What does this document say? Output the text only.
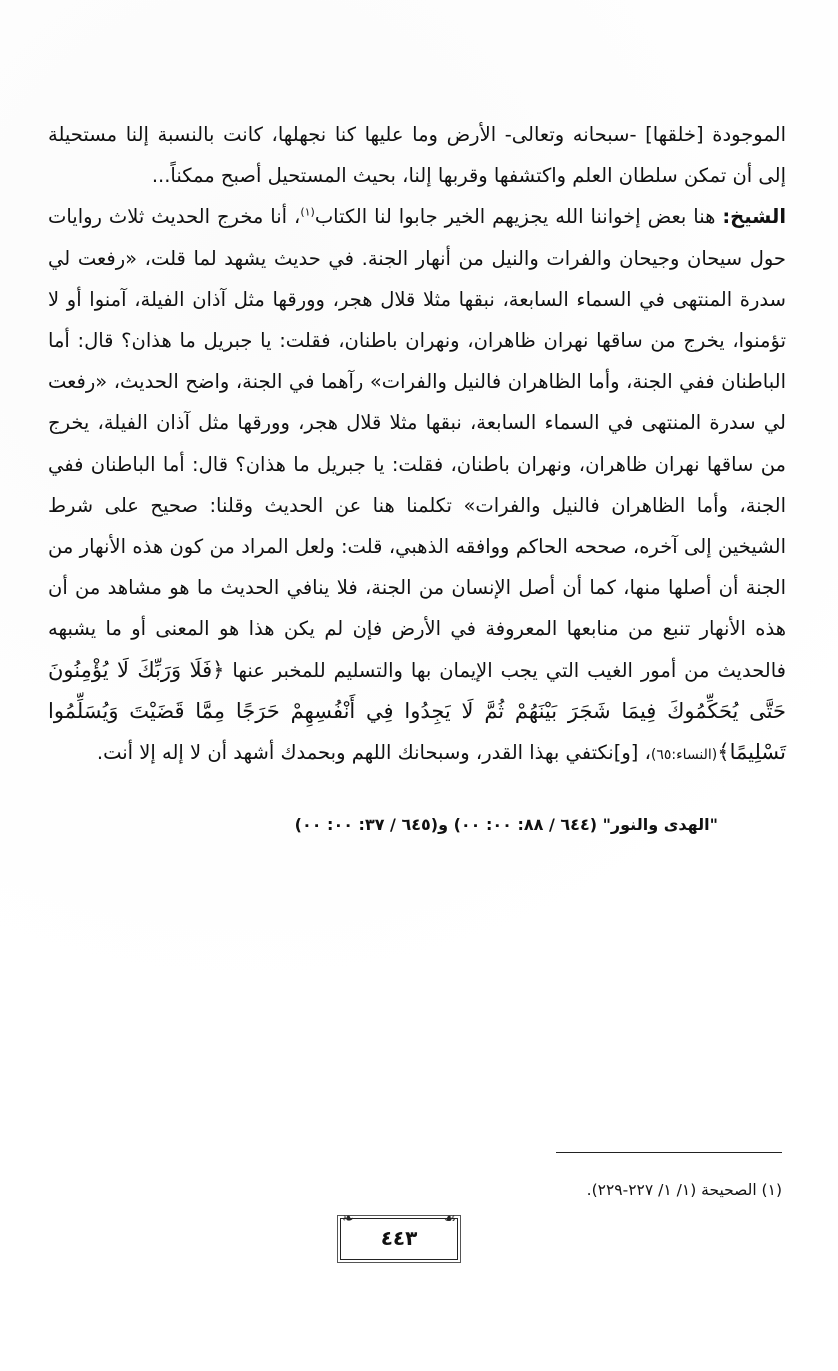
الموجودة [خلقها] -سبحانه وتعالى- الأرض وما عليها كنا نجهلها، كانت بالنسبة إلنا مستحيلة إلى أن تمكن سلطان العلم واكتشفها وقربها إلنا، بحيث المستحيل أصبح ممكناً...

الشيخ: هنا بعض إخواننا الله يجزيهم الخير جابوا لنا الكتاب$^{(١)}$، أنا مخرج الحديث ثلاث روايات حول سيحان وجيحان والفرات والنيل من أنهار الجنة. في حديث يشهد لما قلت، «رفعت لي سدرة المنتهى في السماء السابعة، نبقها مثلا قلال هجر، وورقها مثل آذان الفيلة، آمنوا أو لا تؤمنوا، يخرج من ساقها نهران ظاهران، ونهران باطنان، فقلت: يا جبريل ما هذان؟ قال: أما الباطنان ففي الجنة، وأما الظاهران فالنيل والفرات» رآهما في الجنة، واضح الحديث، «رفعت لي سدرة المنتهى في السماء السابعة، نبقها مثلا قلال هجر، وورقها مثل آذان الفيلة، يخرج من ساقها نهران ظاهران، ونهران باطنان، فقلت: يا جبريل ما هذان؟ قال: أما الباطنان ففي الجنة، وأما الظاهران فالنيل والفرات» تكلمنا هنا عن الحديث وقلنا: صحيح على شرط الشيخين إلى آخره، صححه الحاكم ووافقه الذهبي، قلت: ولعل المراد من كون هذه الأنهار من الجنة أن أصلها منها، كما أن أصل الإنسان من الجنة، فلا ينافي الحديث ما هو مشاهد من أن هذه الأنهار تنبع من منابعها المعروفة في الأرض فإن لم يكن هذا هو المعنى أو ما يشبهه فالحديث من أمور الغيب التي يجب الإيمان بها والتسليم للمخبر عنها ﴿فَلَا وَرَبِّكَ لَا يُؤْمِنُونَ حَتَّى يُحَكِّمُوكَ فِيمَا شَجَرَ بَيْنَهُمْ ثُمَّ لَا يَجِدُوا فِي أَنْفُسِهِمْ حَرَجًا مِمَّا قَضَيْتَ وَيُسَلِّمُوا تَسْلِيمًا﴾(النساء:٦٥)، [و]نكتفي بهذا القدر، وسبحانك اللهم وبحمدك أشهد أن لا إله إلا أنت.

"الهدى والنور" (٦٤٤ / ٨٨: ٠٠: ٠٠) و(٦٤٥ / ٣٧: ٠٠: ٠٠)
(١) الصحيحة (١/ ١/ ٢٢٧-٢٢٩).
❧	☙
٤٤٣
